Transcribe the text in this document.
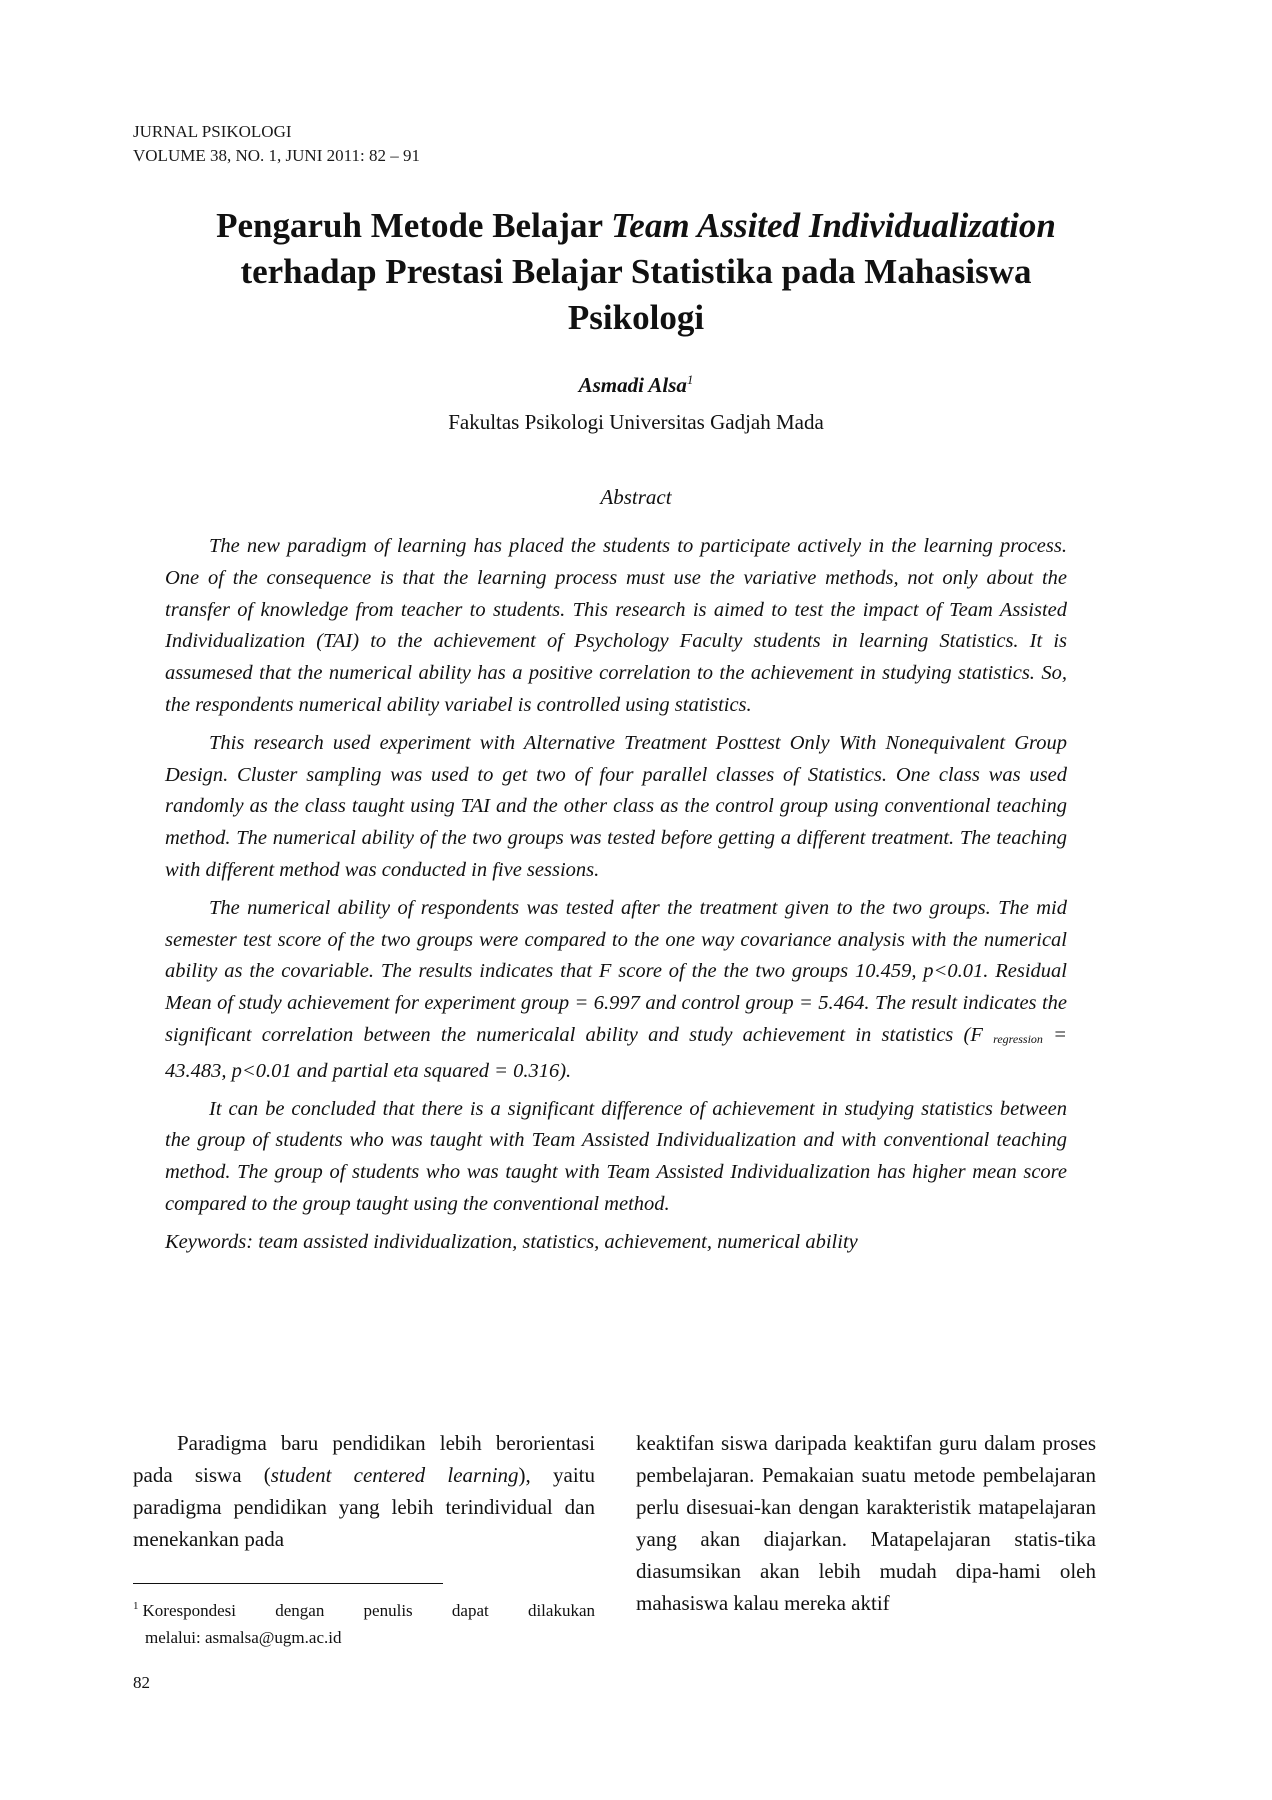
JURNAL PSIKOLOGI
VOLUME 38, NO. 1, JUNI 2011: 82 – 91
Pengaruh Metode Belajar Team Assited Individualization
terhadap Prestasi Belajar Statistika pada Mahasiswa
Psikologi
Asmadi Alsa$^1$
Fakultas Psikologi Universitas Gadjah Mada
Abstract

The new paradigm of learning has placed the students to participate actively in the learning process. One of the consequence is that the learning process must use the variative methods, not only about the transfer of knowledge from teacher to students. This research is aimed to test the impact of Team Assisted Individualization (TAI) to the achievement of Psychology Faculty students in learning Statistics. It is assumesed that the numerical ability has a positive correlation to the achievement in studying statistics. So, the respondents numerical ability variabel is controlled using statistics.

This research used experiment with Alternative Treatment Posttest Only With Nonequivalent Group Design. Cluster sampling was used to get two of four parallel classes of Statistics. One class was used randomly as the class taught using TAI and the other class as the control group using conventional teaching method. The numerical ability of the two groups was tested before getting a different treatment. The teaching with different method was conducted in five sessions.

The numerical ability of respondents was tested after the treatment given to the two groups. The mid semester test score of the two groups were compared to the one way covariance analysis with the numerical ability as the covariable. The results indicates that F score of the the two groups 10.459, p<0.01. Residual Mean of study achievement for experiment group = 6.997 and control group = 5.464. The result indicates the significant correlation between the numericalal ability and study achievement in statistics (F regression = 43.483, p<0.01 and partial eta squared = 0.316).

It can be concluded that there is a significant difference of achievement in studying statistics between the group of students who was taught with Team Assisted Individualization and with conventional teaching method. The group of students who was taught with Team Assisted Individualization has higher mean score compared to the group taught using the conventional method.

Keywords: team assisted individualization, statistics, achievement, numerical ability

Paradigma baru pendidikan lebih berorientasi pada siswa (student centered learning), yaitu paradigma pendidikan yang lebih terindividual dan menekankan pada

keaktifan siswa daripada keaktifan guru dalam proses pembelajaran. Pemakaian suatu metode pembelajaran perlu disesuai-kan dengan karakteristik matapelajaran yang akan diajarkan. Matapelajaran statis-tika diasumsikan akan lebih mudah dipa-hami oleh mahasiswa kalau mereka aktif

$^1$ Korespondesi dengan penulis dapat dilakukan
melalui: asmalsa@ugm.ac.id
82
